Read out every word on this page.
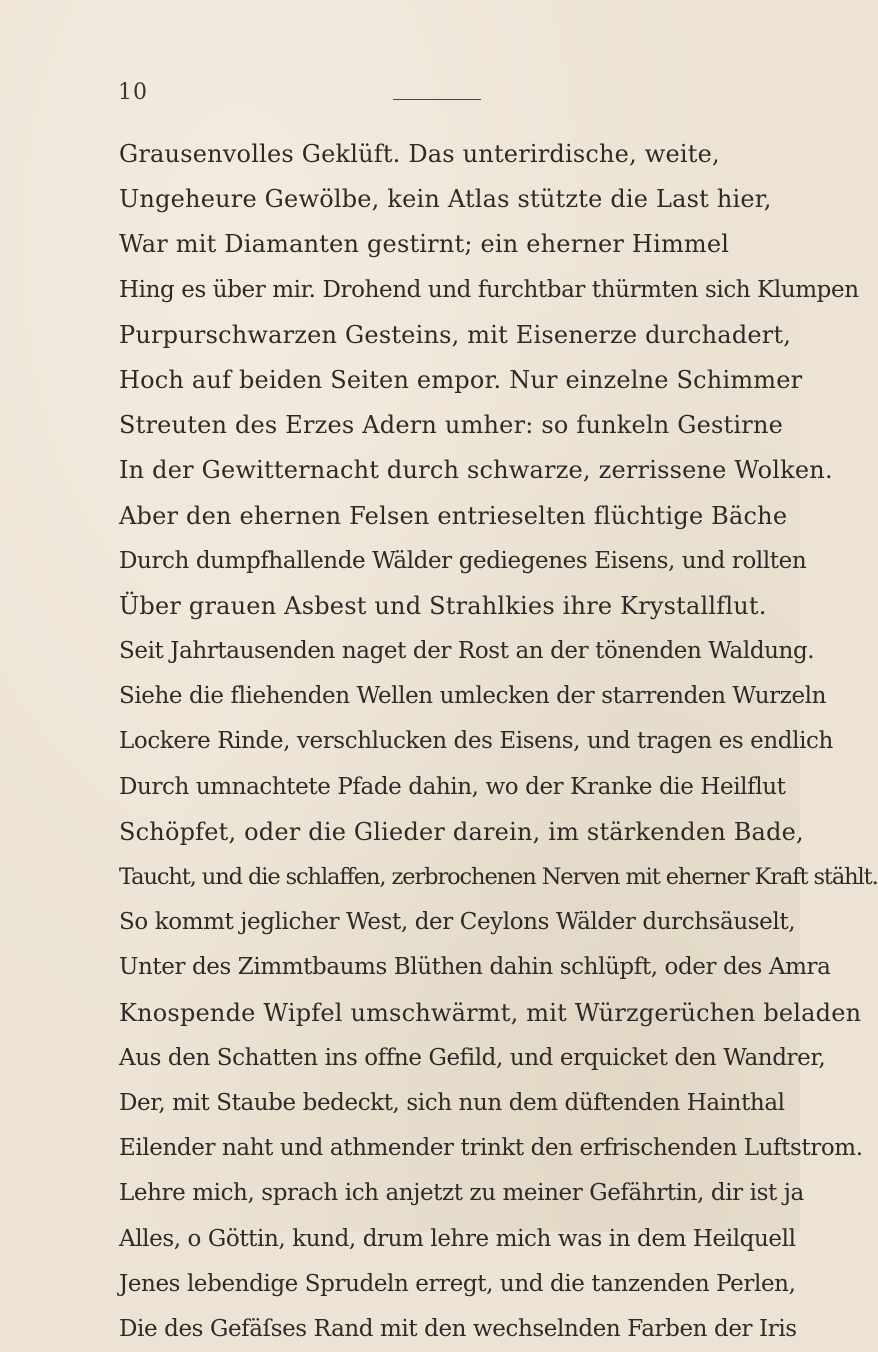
10
Grausenvolles Geklüft. Das unterirdische, weite,
Ungeheure Gewölbe, kein Atlas stützte die Last hier,
War mit Diamanten gestirnt; ein eherner Himmel
Hing es über mir. Drohend und furchtbar thürmten sich Klumpen
Purpurschwarzen Gesteins, mit Eisenerze durchadert,
Hoch auf beiden Seiten empor. Nur einzelne Schimmer
Streuten des Erzes Adern umher: so funkeln Gestirne
In der Gewitternacht durch schwarze, zerrissene Wolken.
Aber den ehernen Felsen entrieselten flüchtige Bäche
Durch dumpfhallende Wälder gediegenes Eisens, und rollten
Über grauen Asbest und Strahlkies ihre Krystallflut.
Seit Jahrtausenden naget der Rost an der tönenden Waldung.
Siehe die fliehenden Wellen umlecken der starrenden Wurzeln
Lockere Rinde, verschlucken des Eisens, und tragen es endlich
Durch umnachtete Pfade dahin, wo der Kranke die Heilflut
Schöpfet, oder die Glieder darein, im stärkenden Bade,
Taucht, und die schlaffen, zerbrochenen Nerven mit eherner Kraft stählt.
So kommt jeglicher West, der Ceylons Wälder durchsäuselt,
Unter des Zimmtbaums Blüthen dahin schlüpft, oder des Amra
Knospende Wipfel umschwärmt, mit Würzgerüchen beladen
Aus den Schatten ins offne Gefild, und erquicket den Wandrer,
Der, mit Staube bedeckt, sich nun dem düftenden Hainthal
Eilender naht und athmender trinkt den erfrischenden Luftstrom.
Lehre mich, sprach ich anjetzt zu meiner Gefährtin, dir ist ja
Alles, o Göttin, kund, drum lehre mich was in dem Heilquell
Jenes lebendige Sprudeln erregt, und die tanzenden Perlen,
Die des Gefäſses Rand mit den wechselnden Farben der Iris
